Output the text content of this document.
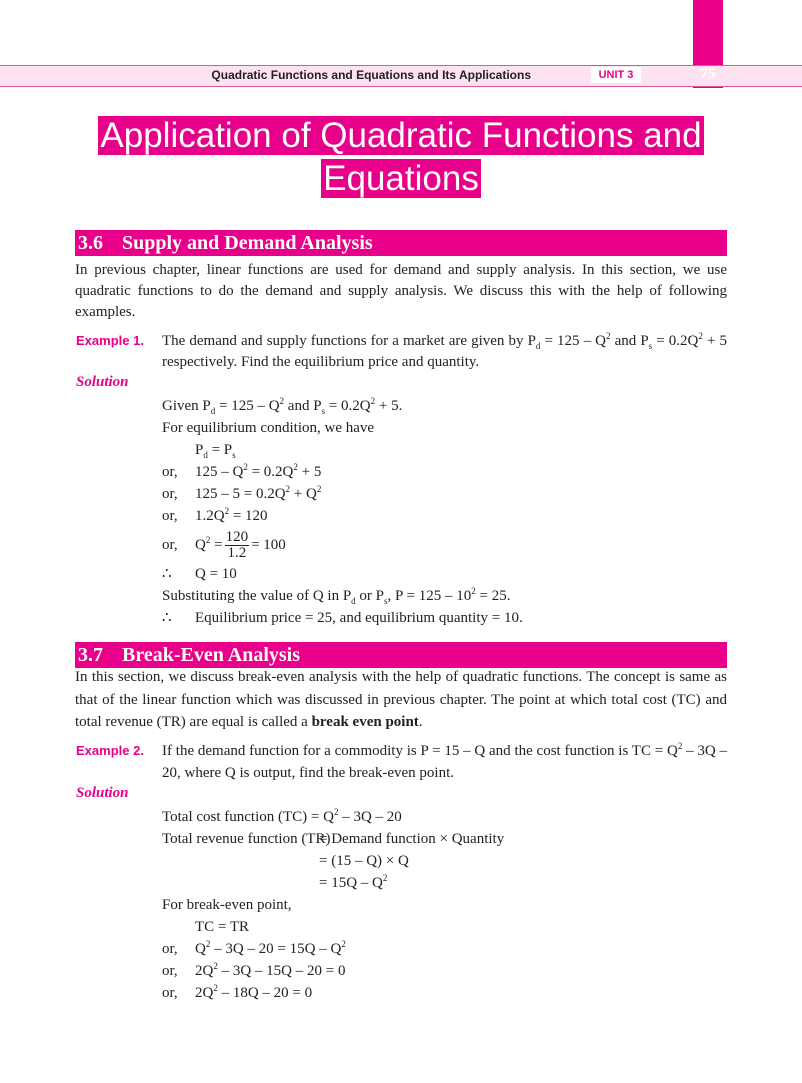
Quadratic Functions and Equations and Its Applications	UNIT 3	75
Application of Quadratic Functions and
Equations
3.6 Supply and Demand Analysis
In previous chapter, linear functions are used for demand and supply analysis. In this section, we use quadratic functions to do the demand and supply analysis. We discuss this with the help of following examples.
Example 1. The demand and supply functions for a market are given by $P_d = 125 - Q^2$ and $P_s = 0.2Q^2 + 5$ respectively. Find the equilibrium price and quantity.
Solution
Given $P_d = 125 - Q^2$ and $P_s = 0.2Q^2 + 5$.
For equilibrium condition, we have
$P_d = P_s$
or, $125 - Q^2 = 0.2Q^2 + 5$
or, $125 - 5 = 0.2Q^2 + Q^2$
or, $1.2Q^2 = 120$
or, $Q^2 = \frac{120}{1.2} = 100$
∴ Q = 10
Substituting the value of Q in $P_d$ or $P_s$, $P = 125 - 10^2 = 25$.
∴ Equilibrium price = 25, and equilibrium quantity = 10.
3.7 Break-Even Analysis
In this section, we discuss break-even analysis with the help of quadratic functions. The concept is same as that of the linear function which was discussed in previous chapter. The point at which total cost (TC) and total revenue (TR) are equal is called a break even point.
Example 2. If the demand function for a commodity is P = 15 – Q and the cost function is TC = $Q^2 - 3Q - 20$, where Q is output, find the break-even point.
Solution
Total cost function $(TC) = Q^2 - 3Q - 20$
Total revenue function (TR)
= Demand function × Quantity
= (15 – Q) × Q
= $15Q - Q^2$
For break-even point,
TC = TR
or, $Q^2 - 3Q - 20 = 15Q - Q^2$
or, $2Q^2 - 3Q - 15Q - 20 = 0$
or, $2Q^2 - 18Q - 20 = 0$
